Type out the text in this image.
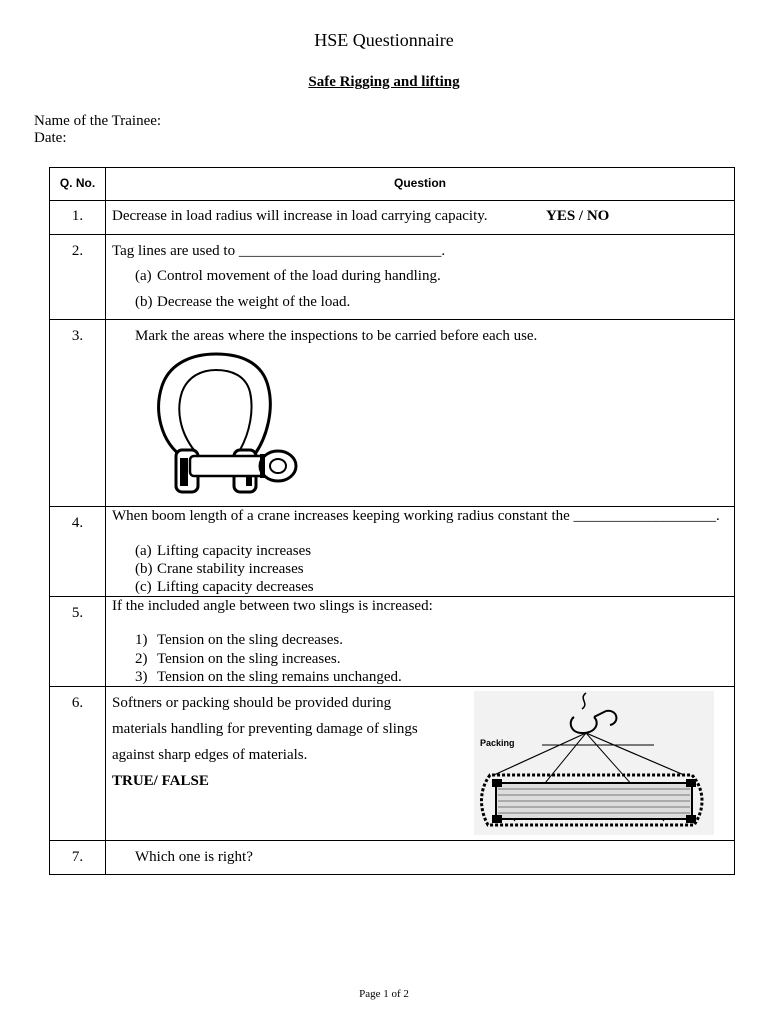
HSE Questionnaire
Safe Rigging and lifting
Name of the Trainee:
Date:
Q. No.	Question
1.	Decrease in load radius will increase in load carrying capacity.	YES / NO
2.	Tag lines are used to ___________________________.
(a) Control movement of the load during handling.
(b) Decrease the weight of the load.
3.	Mark the areas where the inspections to be carried before each use.
4.	When boom length of a crane increases keeping working radius constant the ___________________.
(a) Lifting capacity increases
(b) Crane stability increases
(c) Lifting capacity decreases
5.	If the included angle between two slings is increased:
1) Tension on the sling decreases.
2) Tension on the sling increases.
3) Tension on the sling remains unchanged.
6.	Softners or packing should be provided during
materials handling for preventing damage of slings
against sharp edges of materials.
TRUE/ FALSE
Packing
7.	Which one is right?
Page 1 of 2
